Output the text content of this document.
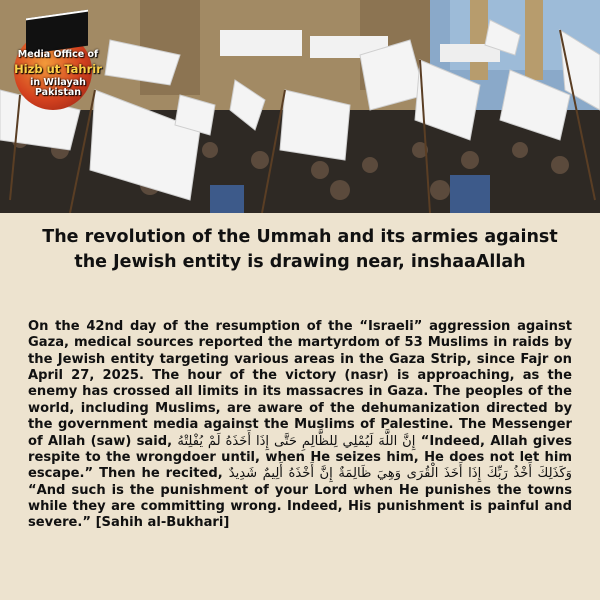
Media Office of
Hizb ut Tahrir
in Wilayah Pakistan
The revolution of the Ummah and its armies against the Jewish entity is drawing near, inshaaAllah
On the 42nd day of the resumption of the “Israeli” aggression against Gaza, medical sources reported the martyrdom of 53 Muslims in raids by the Jewish entity targeting various areas in the Gaza Strip, since Fajr on April 27, 2025. The hour of the victory (nasr) is approaching, as the enemy has crossed all limits in its massacres in Gaza. The peoples of the world, including Muslims, are aware of the dehumanization directed by the government media against the Muslims of Palestine. The Messenger of Allah (saw) said, إِنَّ اللَّهَ لَيُمْلِي لِلظَّالِمِ حَتَّى إِذَا أَخَذَهُ لَمْ يُفْلِتْهُ “Indeed, Allah gives respite to the wrongdoer until, when He seizes him, He does not let him escape.” Then he recited, وَكَذَلِكَ أَخْذُ رَبِّكَ إِذَا أَخَذَ الْقُرَى وَهِيَ ظَالِمَةٌ إِنَّ أَخْذَهُ أَلِيمٌ شَدِيدٌ “And such is the punishment of your Lord when He punishes the towns while they are committing wrong. Indeed, His punishment is painful and severe.” [Sahih al-Bukhari]
